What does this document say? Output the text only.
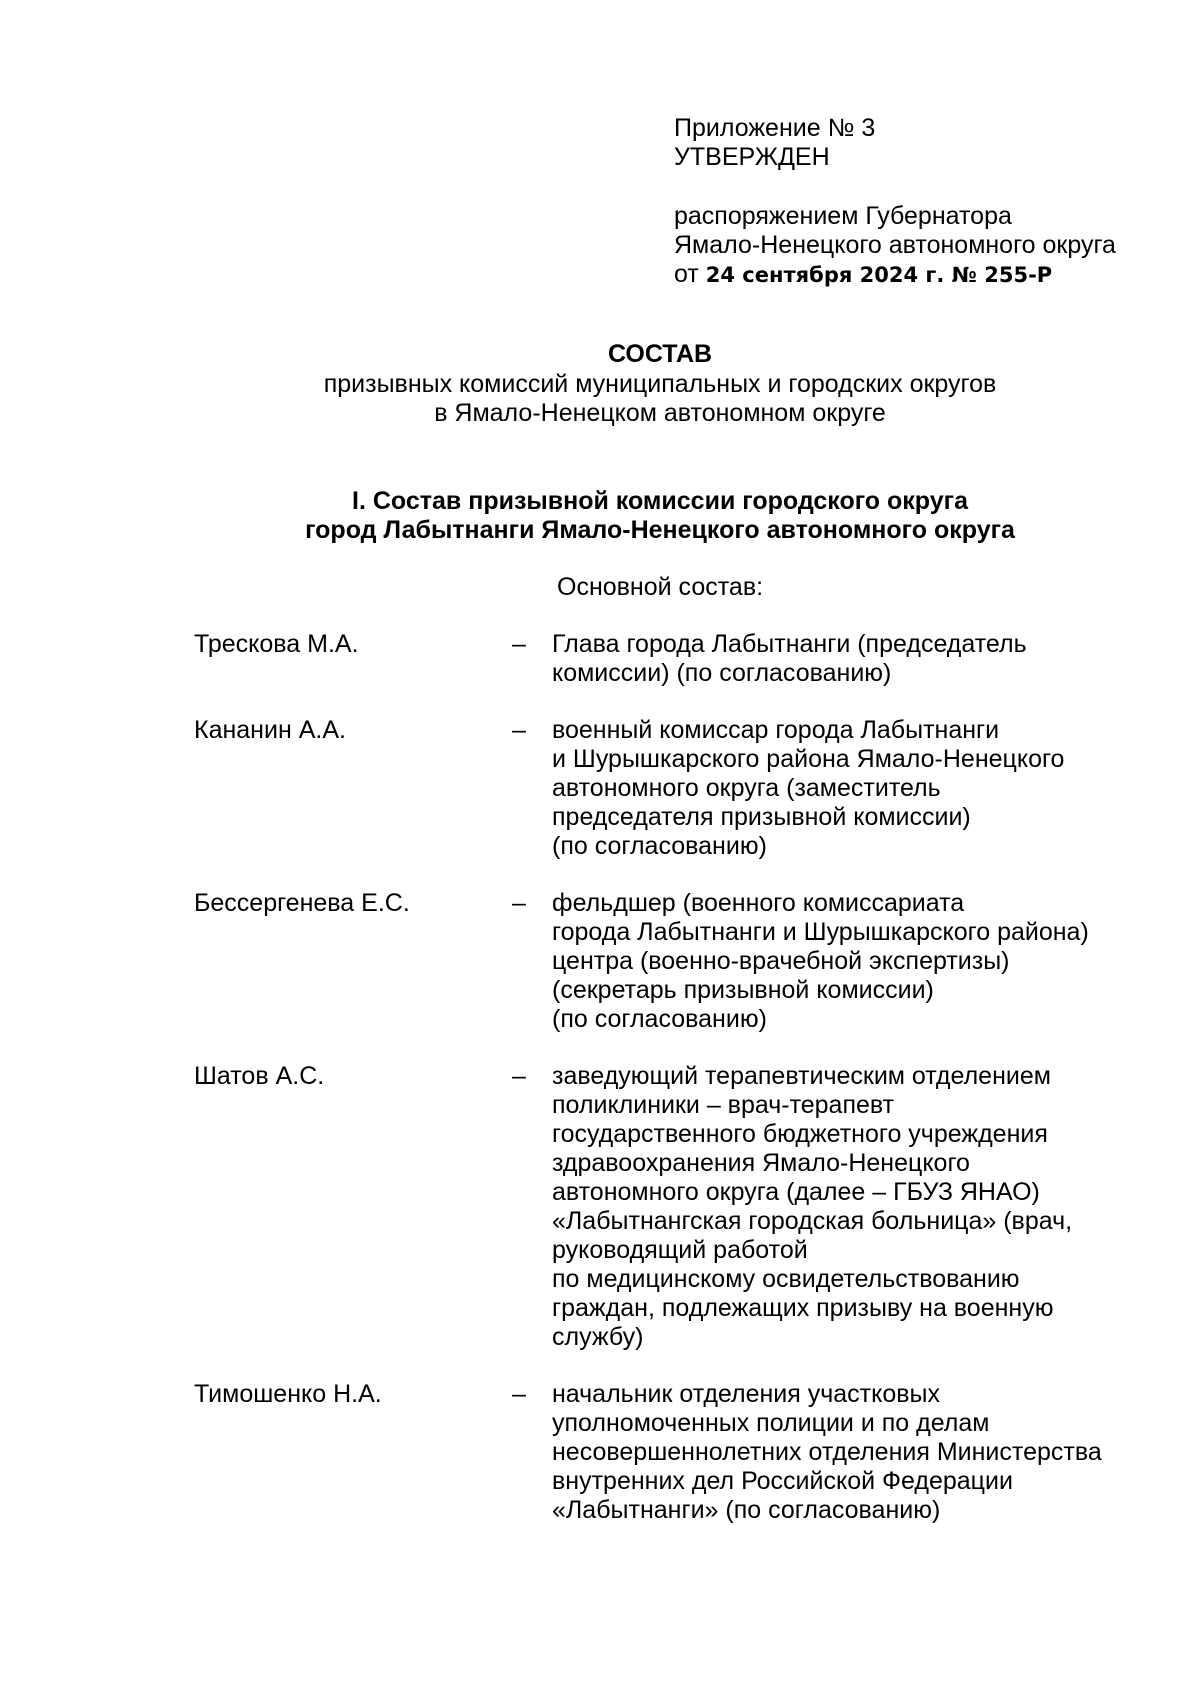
Приложение № 3
УТВЕРЖДЕН
распоряжением Губернатора
Ямало-Ненецкого автономного округа
от 24 сентября 2024 г. № 255-Р
СОСТАВ
призывных комиссий муниципальных и городских округов
в Ямало-Ненецком автономном округе
I. Состав призывной комиссии городского округа
город Лабытнанги Ямало-Ненецкого автономного округа
Основной состав:
Трескова М.А.	–	Глава города Лабытнанги (председатель
комиссии) (по согласованию)
Кананин А.А.	–	военный комиссар города Лабытнанги
и Шурышкарского района Ямало-Ненецкого
автономного округа (заместитель
председателя призывной комиссии)
(по согласованию)
Бессергенева Е.С.	–	фельдшер (военного комиссариата
города Лабытнанги и Шурышкарского района)
центра (военно-врачебной экспертизы)
(секретарь призывной комиссии)
(по согласованию)
Шатов А.С.	–	заведующий терапевтическим отделением
поликлиники – врач-терапевт
государственного бюджетного учреждения
здравоохранения Ямало-Ненецкого
автономного округа (далее – ГБУЗ ЯНАО)
«Лабытнангская городская больница» (врач,
руководящий работой
по медицинскому освидетельствованию
граждан, подлежащих призыву на военную
службу)
Тимошенко Н.А.	–	начальник отделения участковых
уполномоченных полиции и по делам
несовершеннолетних отделения Министерства
внутренних дел Российской Федерации
«Лабытнанги» (по согласованию)
